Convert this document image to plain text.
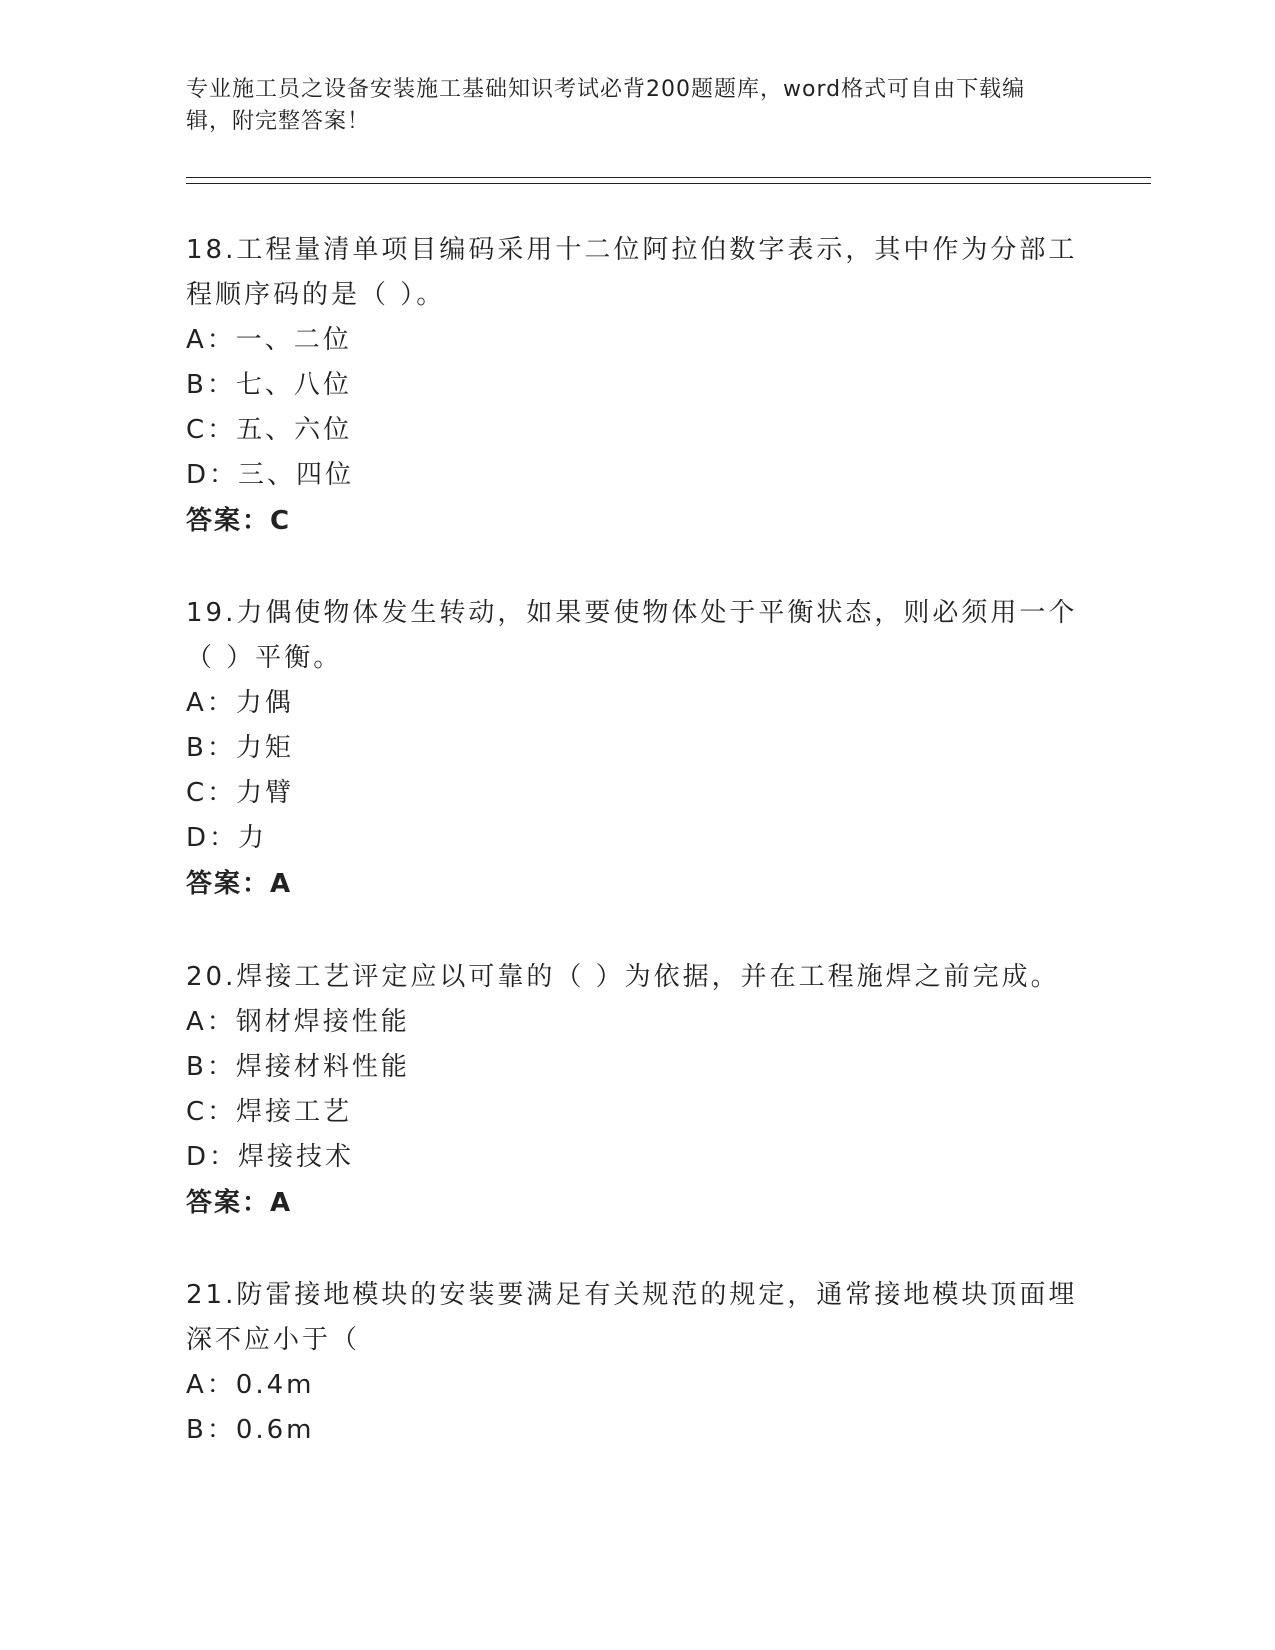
专业施工员之设备安装施工基础知识考试必背200题题库，word格式可自由下载编辑，附完整答案！
18.工程量清单项目编码采用十二位阿拉伯数字表示，其中作为分部工程顺序码的是（ ）。
A：一、二位
B：七、八位
C：五、六位
D：三、四位
答案：C
19.力偶使物体发生转动，如果要使物体处于平衡状态，则必须用一个（ ）平衡。
A：力偶
B：力矩
C：力臂
D：力
答案：A
20.焊接工艺评定应以可靠的（ ）为依据，并在工程施焊之前完成。
A：钢材焊接性能
B：焊接材料性能
C：焊接工艺
D：焊接技术
答案：A
21.防雷接地模块的安装要满足有关规范的规定，通常接地模块顶面埋深不应小于（
A：0.4m
B：0.6m
